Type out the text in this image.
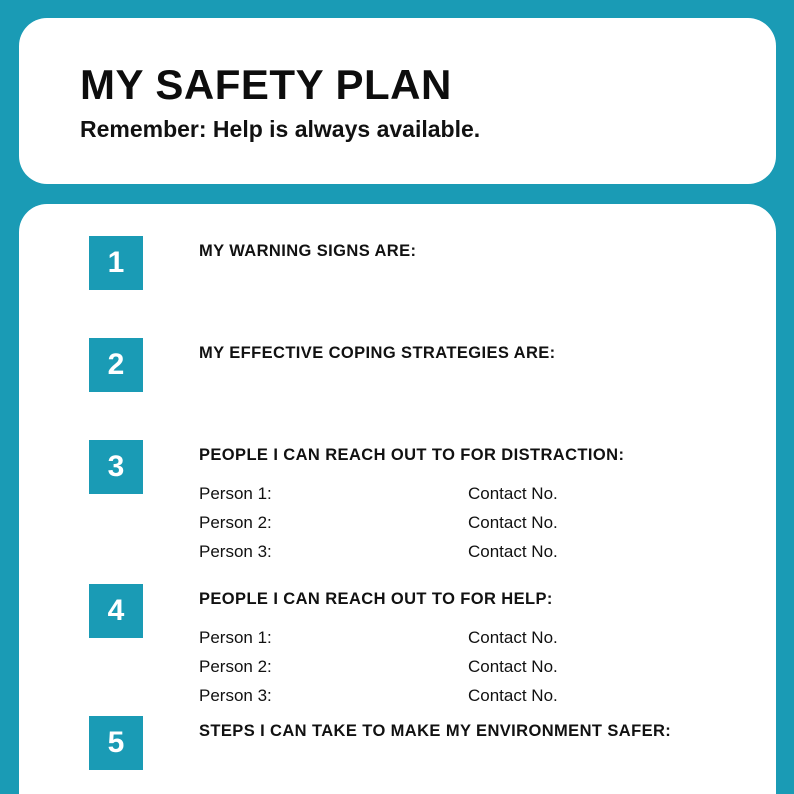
MY SAFETY PLAN

Remember: Help is always available.

1	MY WARNING SIGNS ARE:
2	MY EFFECTIVE COPING STRATEGIES ARE:
3	PEOPLE I CAN REACH OUT TO FOR DISTRACTION:
Person 1:	Contact No.
Person 2:	Contact No.
Person 3:	Contact No.
4	PEOPLE I CAN REACH OUT TO FOR HELP:
Person 1:	Contact No.
Person 2:	Contact No.
Person 3:	Contact No.
5	STEPS I CAN TAKE TO MAKE MY ENVIRONMENT SAFER:
